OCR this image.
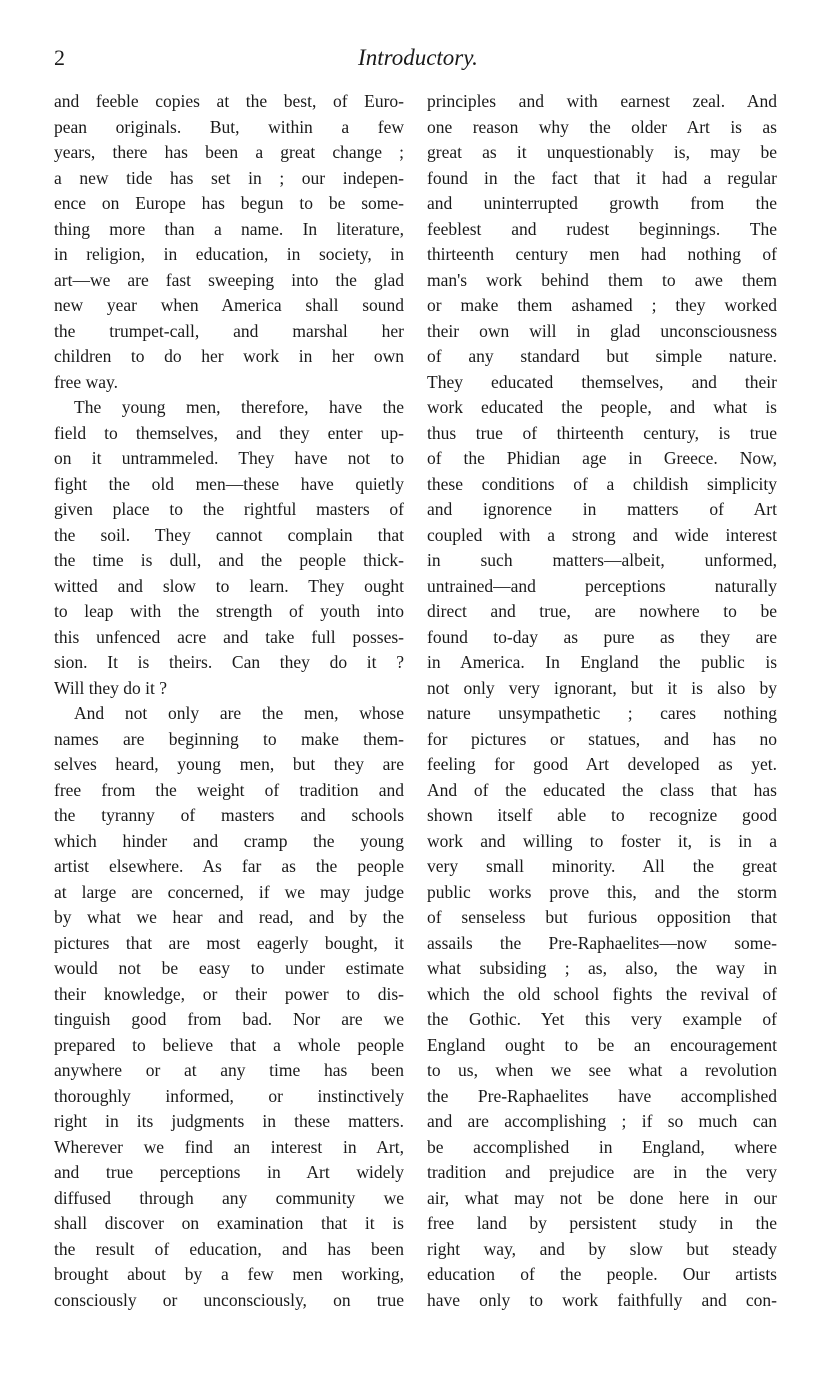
2	Introductory.
and feeble copies at the best, of Euro-
pean originals. But, within a few
years, there has been a great change ;
a new tide has set in ; our indepen-
ence on Europe has begun to be some-
thing more than a name. In literature,
in religion, in education, in society, in
art—we are fast sweeping into the glad
new year when America shall sound
the trumpet-call, and marshal her
children to do her work in her own
free way.
The young men, therefore, have the
field to themselves, and they enter up-
on it untrammeled. They have not to
fight the old men—these have quietly
given place to the rightful masters of
the soil. They cannot complain that
the time is dull, and the people thick-
witted and slow to learn. They ought
to leap with the strength of youth into
this unfenced acre and take full posses-
sion. It is theirs. Can they do it ?
Will they do it ?
And not only are the men, whose
names are beginning to make them-
selves heard, young men, but they are
free from the weight of tradition and
the tyranny of masters and schools
which hinder and cramp the young
artist elsewhere. As far as the people
at large are concerned, if we may judge
by what we hear and read, and by the
pictures that are most eagerly bought, it
would not be easy to under estimate
their knowledge, or their power to dis-
tinguish good from bad. Nor are we
prepared to believe that a whole people
anywhere or at any time has been
thoroughly informed, or instinctively
right in its judgments in these matters.
Wherever we find an interest in Art,
and true perceptions in Art widely
diffused through any community we
shall discover on examination that it is
the result of education, and has been
brought about by a few men working,
consciously or unconsciously, on true
principles and with earnest zeal. And
one reason why the older Art is as
great as it unquestionably is, may be
found in the fact that it had a regular
and uninterrupted growth from the
feeblest and rudest beginnings. The
thirteenth century men had nothing of
man's work behind them to awe them
or make them ashamed ; they worked
their own will in glad unconsciousness
of any standard but simple nature.
They educated themselves, and their
work educated the people, and what is
thus true of thirteenth century, is true
of the Phidian age in Greece. Now,
these conditions of a childish simplicity
and ignorence in matters of Art
coupled with a strong and wide interest
in such matters—albeit, unformed,
untrained—and perceptions naturally
direct and true, are nowhere to be
found to-day as pure as they are
in America. In England the public is
not only very ignorant, but it is also by
nature unsympathetic ; cares nothing
for pictures or statues, and has no
feeling for good Art developed as yet.
And of the educated the class that has
shown itself able to recognize good
work and willing to foster it, is in a
very small minority. All the great
public works prove this, and the storm
of senseless but furious opposition that
assails the Pre-Raphaelites—now some-
what subsiding ; as, also, the way in
which the old school fights the revival of
the Gothic. Yet this very example of
England ought to be an encouragement
to us, when we see what a revolution
the Pre-Raphaelites have accomplished
and are accomplishing ; if so much can
be accomplished in England, where
tradition and prejudice are in the very
air, what may not be done here in our
free land by persistent study in the
right way, and by slow but steady
education of the people. Our artists
have only to work faithfully and con-
